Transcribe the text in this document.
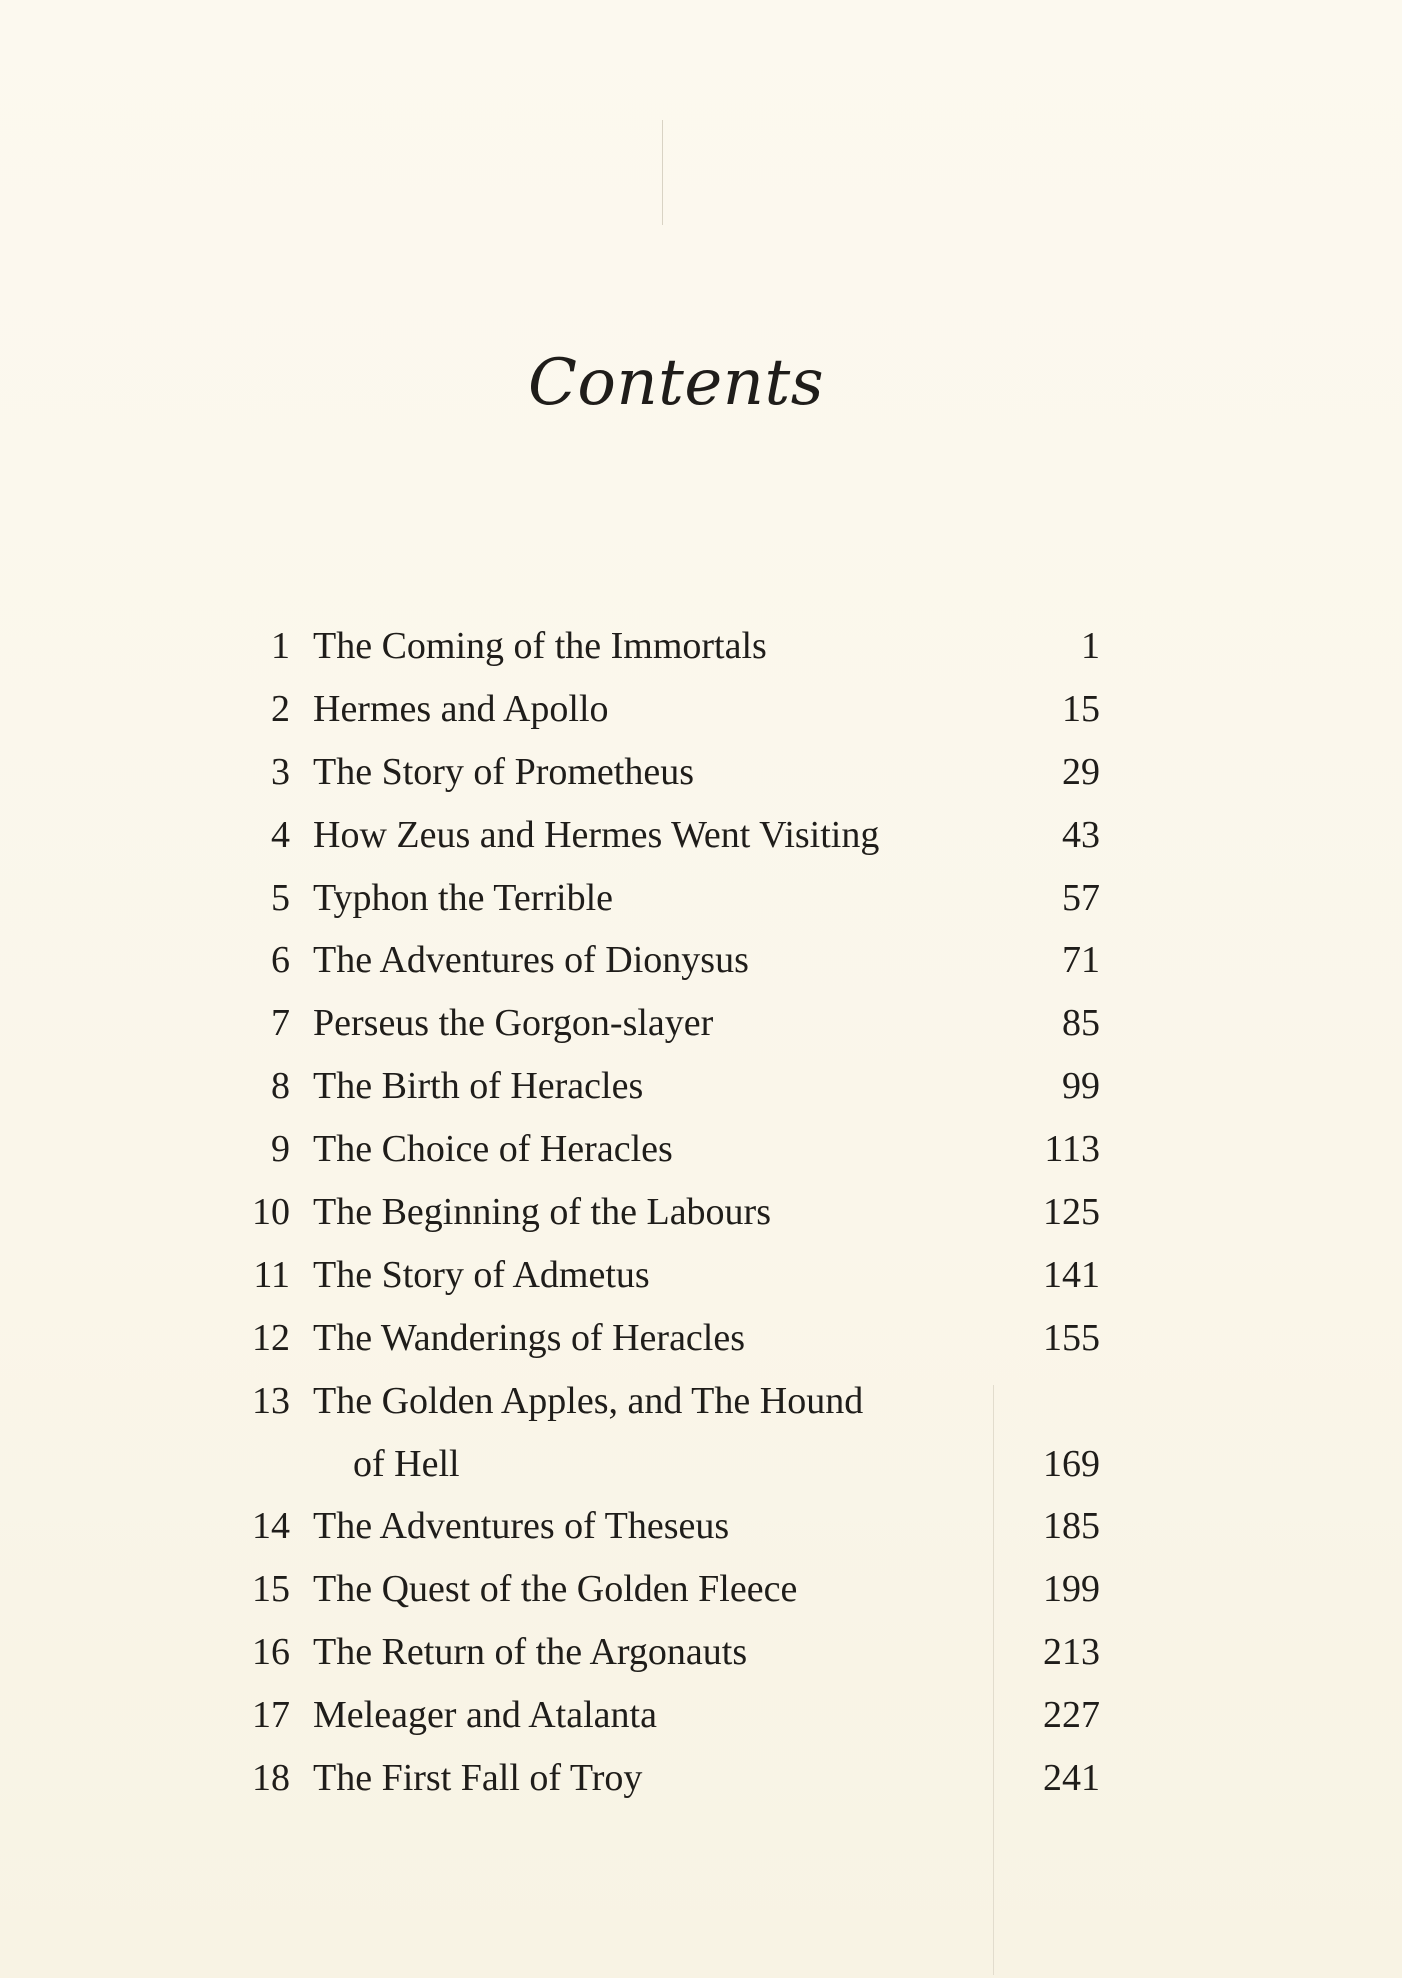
Contents
1 The Coming of the Immortals	1
2 Hermes and Apollo	15
3 The Story of Prometheus	29
4 How Zeus and Hermes Went Visiting	43
5 Typhon the Terrible	57
6 The Adventures of Dionysus	71
7 Perseus the Gorgon-slayer	85
8 The Birth of Heracles	99
9 The Choice of Heracles	113
10 The Beginning of the Labours	125
11 The Story of Admetus	141
12 The Wanderings of Heracles	155
13 The Golden Apples, and The Hound
of Hell	169
14 The Adventures of Theseus	185
15 The Quest of the Golden Fleece	199
16 The Return of the Argonauts	213
17 Meleager and Atalanta	227
18 The First Fall of Troy	241
